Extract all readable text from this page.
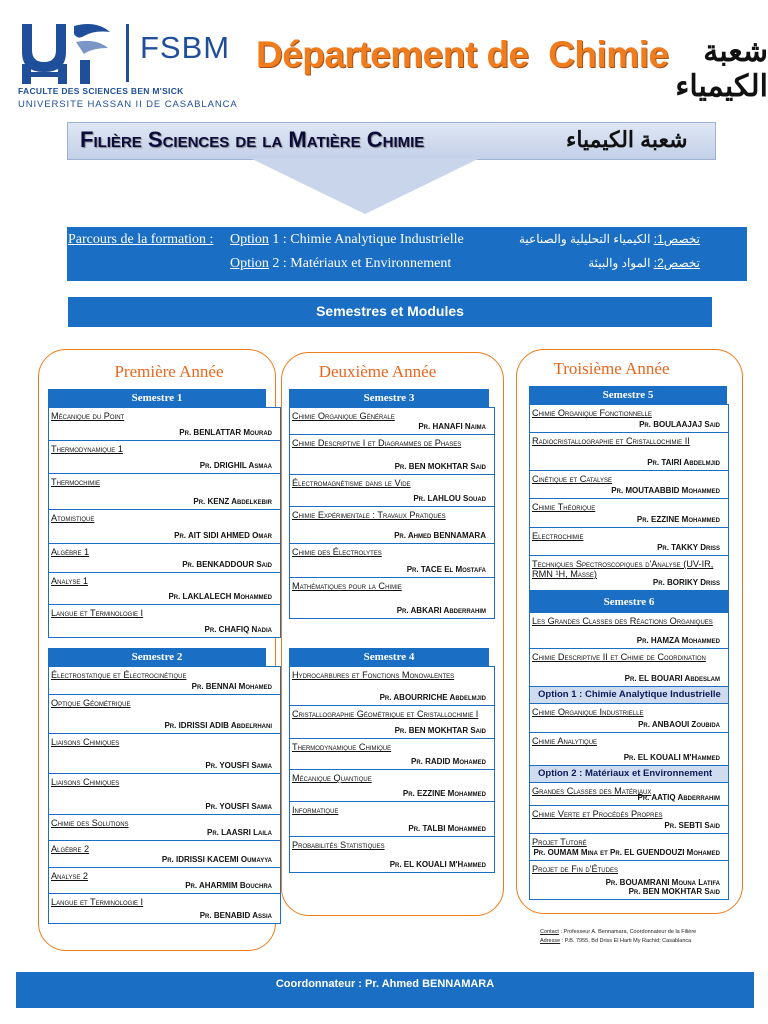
FSBM
FACULTE DES SCIENCES BEN M'SICK
UNIVERSITE HASSAN II DE CASABLANCA
Département de  Chimie	شعبة الكيمياء
Filière Sciences de la Matière Chimie	شعبة الكيمياء
Parcours de la formation : Option 1 : Chimie Analytique Industrielle
Option 2 : Matériaux et Environnement
تخصص1: الكيمياء التحليلية والصناعية
تخصص2: المواد والبيئة
Semestres et Modules
Première Année
Semestre 1
Mécanique du Point
Pr. BENLATTAR Mourad
Thermodynamique 1
Pr. DRIGHIL Asmaa
Thermochimie
Pr. KENZ Abdelkebir
Atomistique
Pr. AIT SIDI AHMED Omar
Algèbre 1
Pr. BENKADDOUR Said
Analyse 1
Pr. LAKLALECH Mohammed
Langue et Terminologie I
Pr. CHAFIQ Nadia
Semestre 2
Électrostatique et Électrocinétique
Pr. BENNAI Mohamed
Optique Géométrique
Pr. IDRISSI ADIB Abdelrhani
Liaisons Chimiques
Pr. YOUSFI Samia
Liaisons Chimiques
Pr. YOUSFI Samia
Chimie des Solutions
Pr. LAASRI Laila
Algèbre 2
Pr. IDRISSI KACEMI Oumayya
Analyse 2
Pr. AHARMIM Bouchra
Langue et Terminologie I
Pr. BENABID Assia
Deuxième Année
Semestre 3
Chimie Organique Générale
Pr. HANAFI Naima
Chimie Descriptive I et Diagrammes de Phases
Pr. BEN MOKHTAR Said
Électromagnétisme dans le Vide
Pr. LAHLOU Souad
Chimie Expérimentale : Travaux Pratiques
Pr. Ahmed BENNAMARA
Chimie des Électrolytes
Pr. TACE El Mostafa
Mathématiques pour la Chimie
Pr. ABKARI Abderrahim
Semestre 4
Hydrocarbures et Fonctions Monovalentes
Pr. ABOURRICHE Abdelmjid
Cristallographie Géométrique et Cristallochimie I
Pr. BEN MOKHTAR Said
Thermodynamique Chimique
Pr. RADID Mohamed
Mécanique Quantique
Pr. EZZINE Mohammed
Informatique
Pr. TALBI Mohammed
Probabilités Statistiques
Pr. EL KOUALI M'Hammed
Troisième Année
Semestre 5
Chimie Organique Fonctionnelle
Pr. BOULAAJAJ Said
Radiocristallographie et Cristallochimie II
Pr. TAIRI Abdelmjid
Cinétique et Catalyse
Pr. MOUTAABBID Mohammed
Chimie Théorique
Pr. EZZINE Mohammed
Electrochimie
Pr. TAKKY Driss
Techniques Spectroscopiques d'Analyse (UV-IR, RMN ¹H, Masse)
Pr. BORIKY Driss
Semestre 6
Les Grandes Classes des Réactions Organiques
Pr. HAMZA Mohammed
Chimie Descriptive II et Chimie de Coordination
Pr. EL BOUARI Abdeslam
Option 1 : Chimie Analytique Industrielle
Chimie Organique Industrielle
Pr. ANBAOUI Zoubida
Chimie Analytique
Pr. EL KOUALI M'Hammed
Option 2 : Matériaux et Environnement
Grandes Classes des Matériaux
Pr. AATIQ Abderrahim
Chimie Verte et Procédés Propres
Pr. SEBTI Said
Projet Tutoré
Pr. OUMAM Mina et Pr. EL GUENDOUZI Mohamed
Projet de Fin d'Études
Pr. BOUAMRANI Mouna Latifa
Pr. BEN MOKHTAR Said
Contact : Professeur A. Bennamara, Coordonnateur de la Filière
Adresse : P.B. 7955, Bd Driss El Harti My Rachid; Casablanca
Coordonnateur : Pr. Ahmed BENNAMARA
